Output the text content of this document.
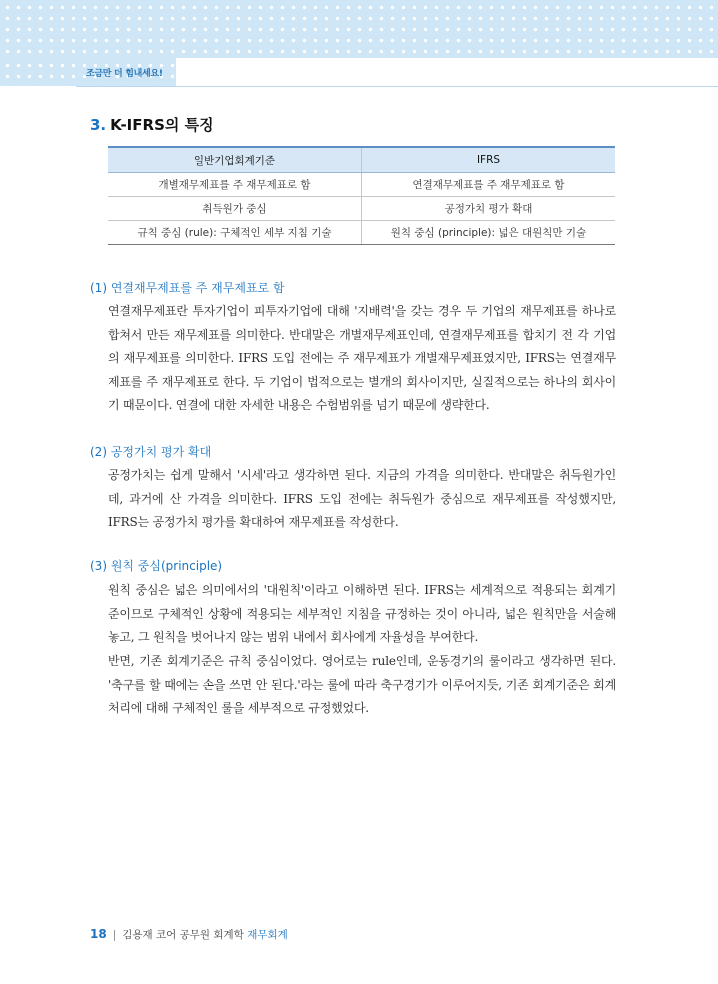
조금만 더 힘내세요!
3. K-IFRS의 특징
일반기업회계기준	IFRS
개별재무제표를 주 재무제표로 함	연결재무제표를 주 재무제표로 함
취득원가 중심	공정가치 평가 확대
규칙 중심 (rule): 구체적인 세부 지침 기술	원칙 중심 (principle): 넓은 대원칙만 기술
(1) 연결재무제표를 주 재무제표로 함
연결재무제표란 투자기업이 피투자기업에 대해 '지배력'을 갖는 경우 두 기업의 재무제표를 하나로 합쳐서 만든 재무제표를 의미한다. 반대말은 개별재무제표인데, 연결재무제표를 합치기 전 각 기업의 재무제표를 의미한다. IFRS 도입 전에는 주 재무제표가 개별재무제표였지만, IFRS는 연결재무제표를 주 재무제표로 한다. 두 기업이 법적으로는 별개의 회사이지만, 실질적으로는 하나의 회사이기 때문이다. 연결에 대한 자세한 내용은 수험범위를 넘기 때문에 생략한다.
(2) 공정가치 평가 확대
공정가치는 쉽게 말해서 '시세'라고 생각하면 된다. 지금의 가격을 의미한다. 반대말은 취득원가인데, 과거에 산 가격을 의미한다. IFRS 도입 전에는 취득원가 중심으로 재무제표를 작성했지만, IFRS는 공정가치 평가를 확대하여 재무제표를 작성한다.
(3) 원칙 중심(principle)
원칙 중심은 넓은 의미에서의 '대원칙'이라고 이해하면 된다. IFRS는 세계적으로 적용되는 회계기준이므로 구체적인 상황에 적용되는 세부적인 지침을 규정하는 것이 아니라, 넓은 원칙만을 서술해 놓고, 그 원칙을 벗어나지 않는 범위 내에서 회사에게 자율성을 부여한다.
반면, 기존 회계기준은 규칙 중심이었다. 영어로는 rule인데, 운동경기의 룰이라고 생각하면 된다. '축구를 할 때에는 손을 쓰면 안 된다.'라는 룰에 따라 축구경기가 이루어지듯, 기존 회계기준은 회계처리에 대해 구체적인 룰을 세부적으로 규정했었다.
18 | 김용재 코어 공무원 회계학 재무회계
